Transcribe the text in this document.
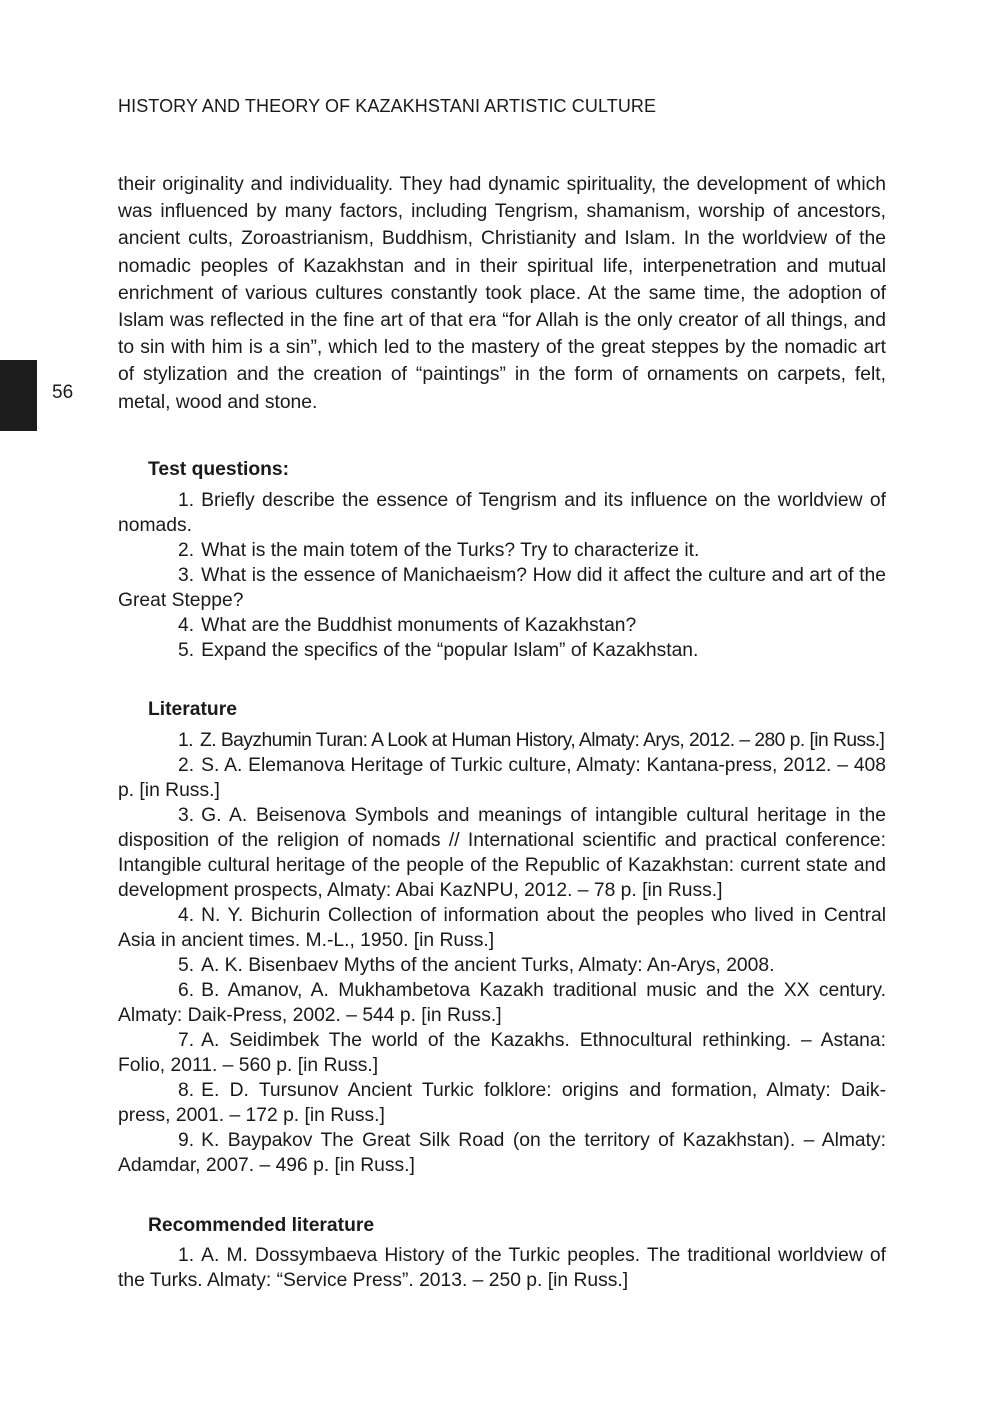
HISTORY AND THEORY OF KAZAKHSTANI ARTISTIC CULTURE
56

their originality and individuality. They had dynamic spirituality, the development of which was influenced by many factors, including Tengrism, shamanism, worship of ancestors, ancient cults, Zoroastrianism, Buddhism, Christianity and Islam. In the worldview of the nomadic peoples of Kazakhstan and in their spiritual life, interpenetration and mutual enrichment of various cultures constantly took place. At the same time, the adoption of Islam was reflected in the fine art of that era “for Allah is the only creator of all things, and to sin with him is a sin”, which led to the mastery of the great steppes by the nomadic art of stylization and the creation of “paintings” in the form of ornaments on carpets, felt, metal, wood and stone.

Test questions:

1. Briefly describe the essence of Tengrism and its influence on the worldview of nomads.

2. What is the main totem of the Turks? Try to characterize it.

3. What is the essence of Manichaeism? How did it affect the culture and art of the Great Steppe?

4. What are the Buddhist monuments of Kazakhstan?

5. Expand the specifics of the “popular Islam” of Kazakhstan.

Literature

1. Z. Bayzhumin Turan: A Look at Human History, Almaty: Arys, 2012. – 280 p. [in Russ.]

2. S. A. Elemanova Heritage of Turkic culture, Almaty: Kantana-press, 2012. – 408 p. [in Russ.]

3. G. A. Beisenova Symbols and meanings of intangible cultural heritage in the disposition of the religion of nomads // International scientific and practical conference: Intangible cultural heritage of the people of the Republic of Kazakhstan: current state and development prospects, Almaty: Abai KazNPU, 2012. – 78 p. [in Russ.]

4. N. Y. Bichurin Collection of information about the peoples who lived in Central Asia in ancient times. M.-L., 1950. [in Russ.]

5. A. K. Bisenbaev Myths of the ancient Turks, Almaty: An-Arys, 2008.

6. B. Amanov, A. Mukhambetova Kazakh traditional music and the XX century. Almaty: Daik-Press, 2002. – 544 p. [in Russ.]

7. A. Seidimbek The world of the Kazakhs. Ethnocultural rethinking. – Astana: Folio, 2011. – 560 p. [in Russ.]

8. E. D. Tursunov Ancient Turkic folklore: origins and formation, Almaty: Daik-press, 2001. – 172 p. [in Russ.]

9. K. Baypakov The Great Silk Road (on the territory of Kazakhstan). – Almaty: Adamdar, 2007. – 496 p. [in Russ.]

Recommended literature

1. A. M. Dossymbaeva History of the Turkic peoples. The traditional worldview of the Turks. Almaty: “Service Press”. 2013. – 250 p. [in Russ.]
